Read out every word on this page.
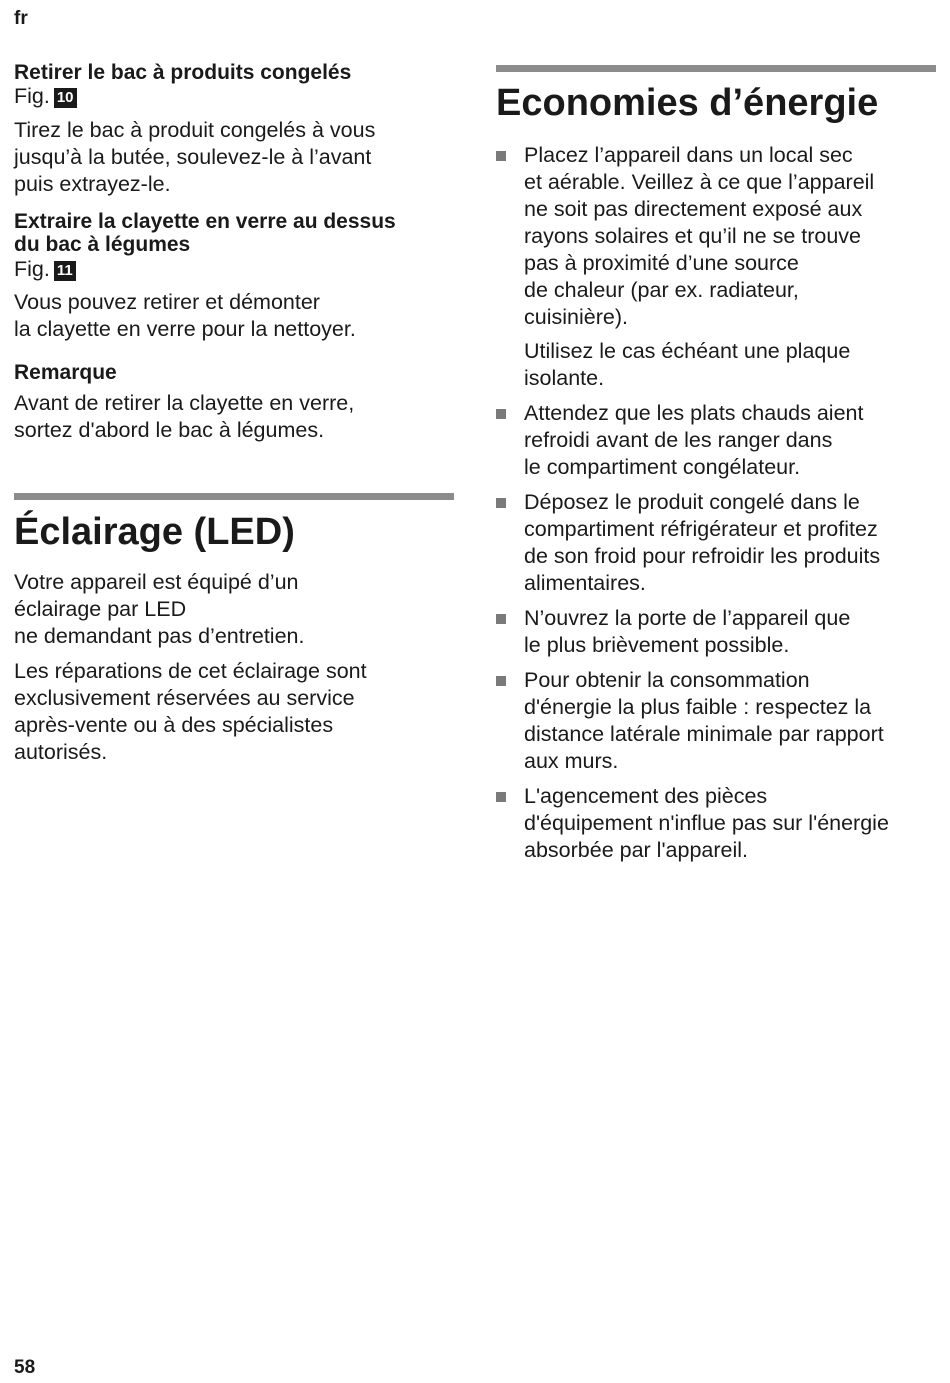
fr
Retirer le bac à produits congelés
Fig. 10

Tirez le bac à produit congelés à vous

jusqu’à la butée, soulevez-le à l’avant

puis extrayez-le.

Extraire la clayette en verre au dessus
du bac à légumes
Fig. 11

Vous pouvez retirer et démonter

la clayette en verre pour la nettoyer.

Remarque

Avant de retirer la clayette en verre,

sortez d'abord le bac à légumes.

Éclairage (LED)

Votre appareil est équipé d’un

éclairage par LED

ne demandant pas d’entretien.

Les réparations de cet éclairage sont

exclusivement réservées au service

après-vente ou à des spécialistes

autorisés.

Economies d’énergie

Placez l’appareil dans un local sec
et aérable. Veillez à ce que l’appareil
ne soit pas directement exposé aux
rayons solaires et qu’il ne se trouve
pas à proximité d’une source
de chaleur (par ex. radiateur,
cuisinière).

Utilisez le cas échéant une plaque
isolante.

Attendez que les plats chauds aient
refroidi avant de les ranger dans
le compartiment congélateur.

Déposez le produit congelé dans le
compartiment réfrigérateur et profitez
de son froid pour refroidir les produits
alimentaires.

N’ouvrez la porte de l’appareil que
le plus brièvement possible.

Pour obtenir la consommation
d'énergie la plus faible : respectez la
distance latérale minimale par rapport
aux murs.

L'agencement des pièces
d'équipement n'influe pas sur l'énergie
absorbée par l'appareil.

58
